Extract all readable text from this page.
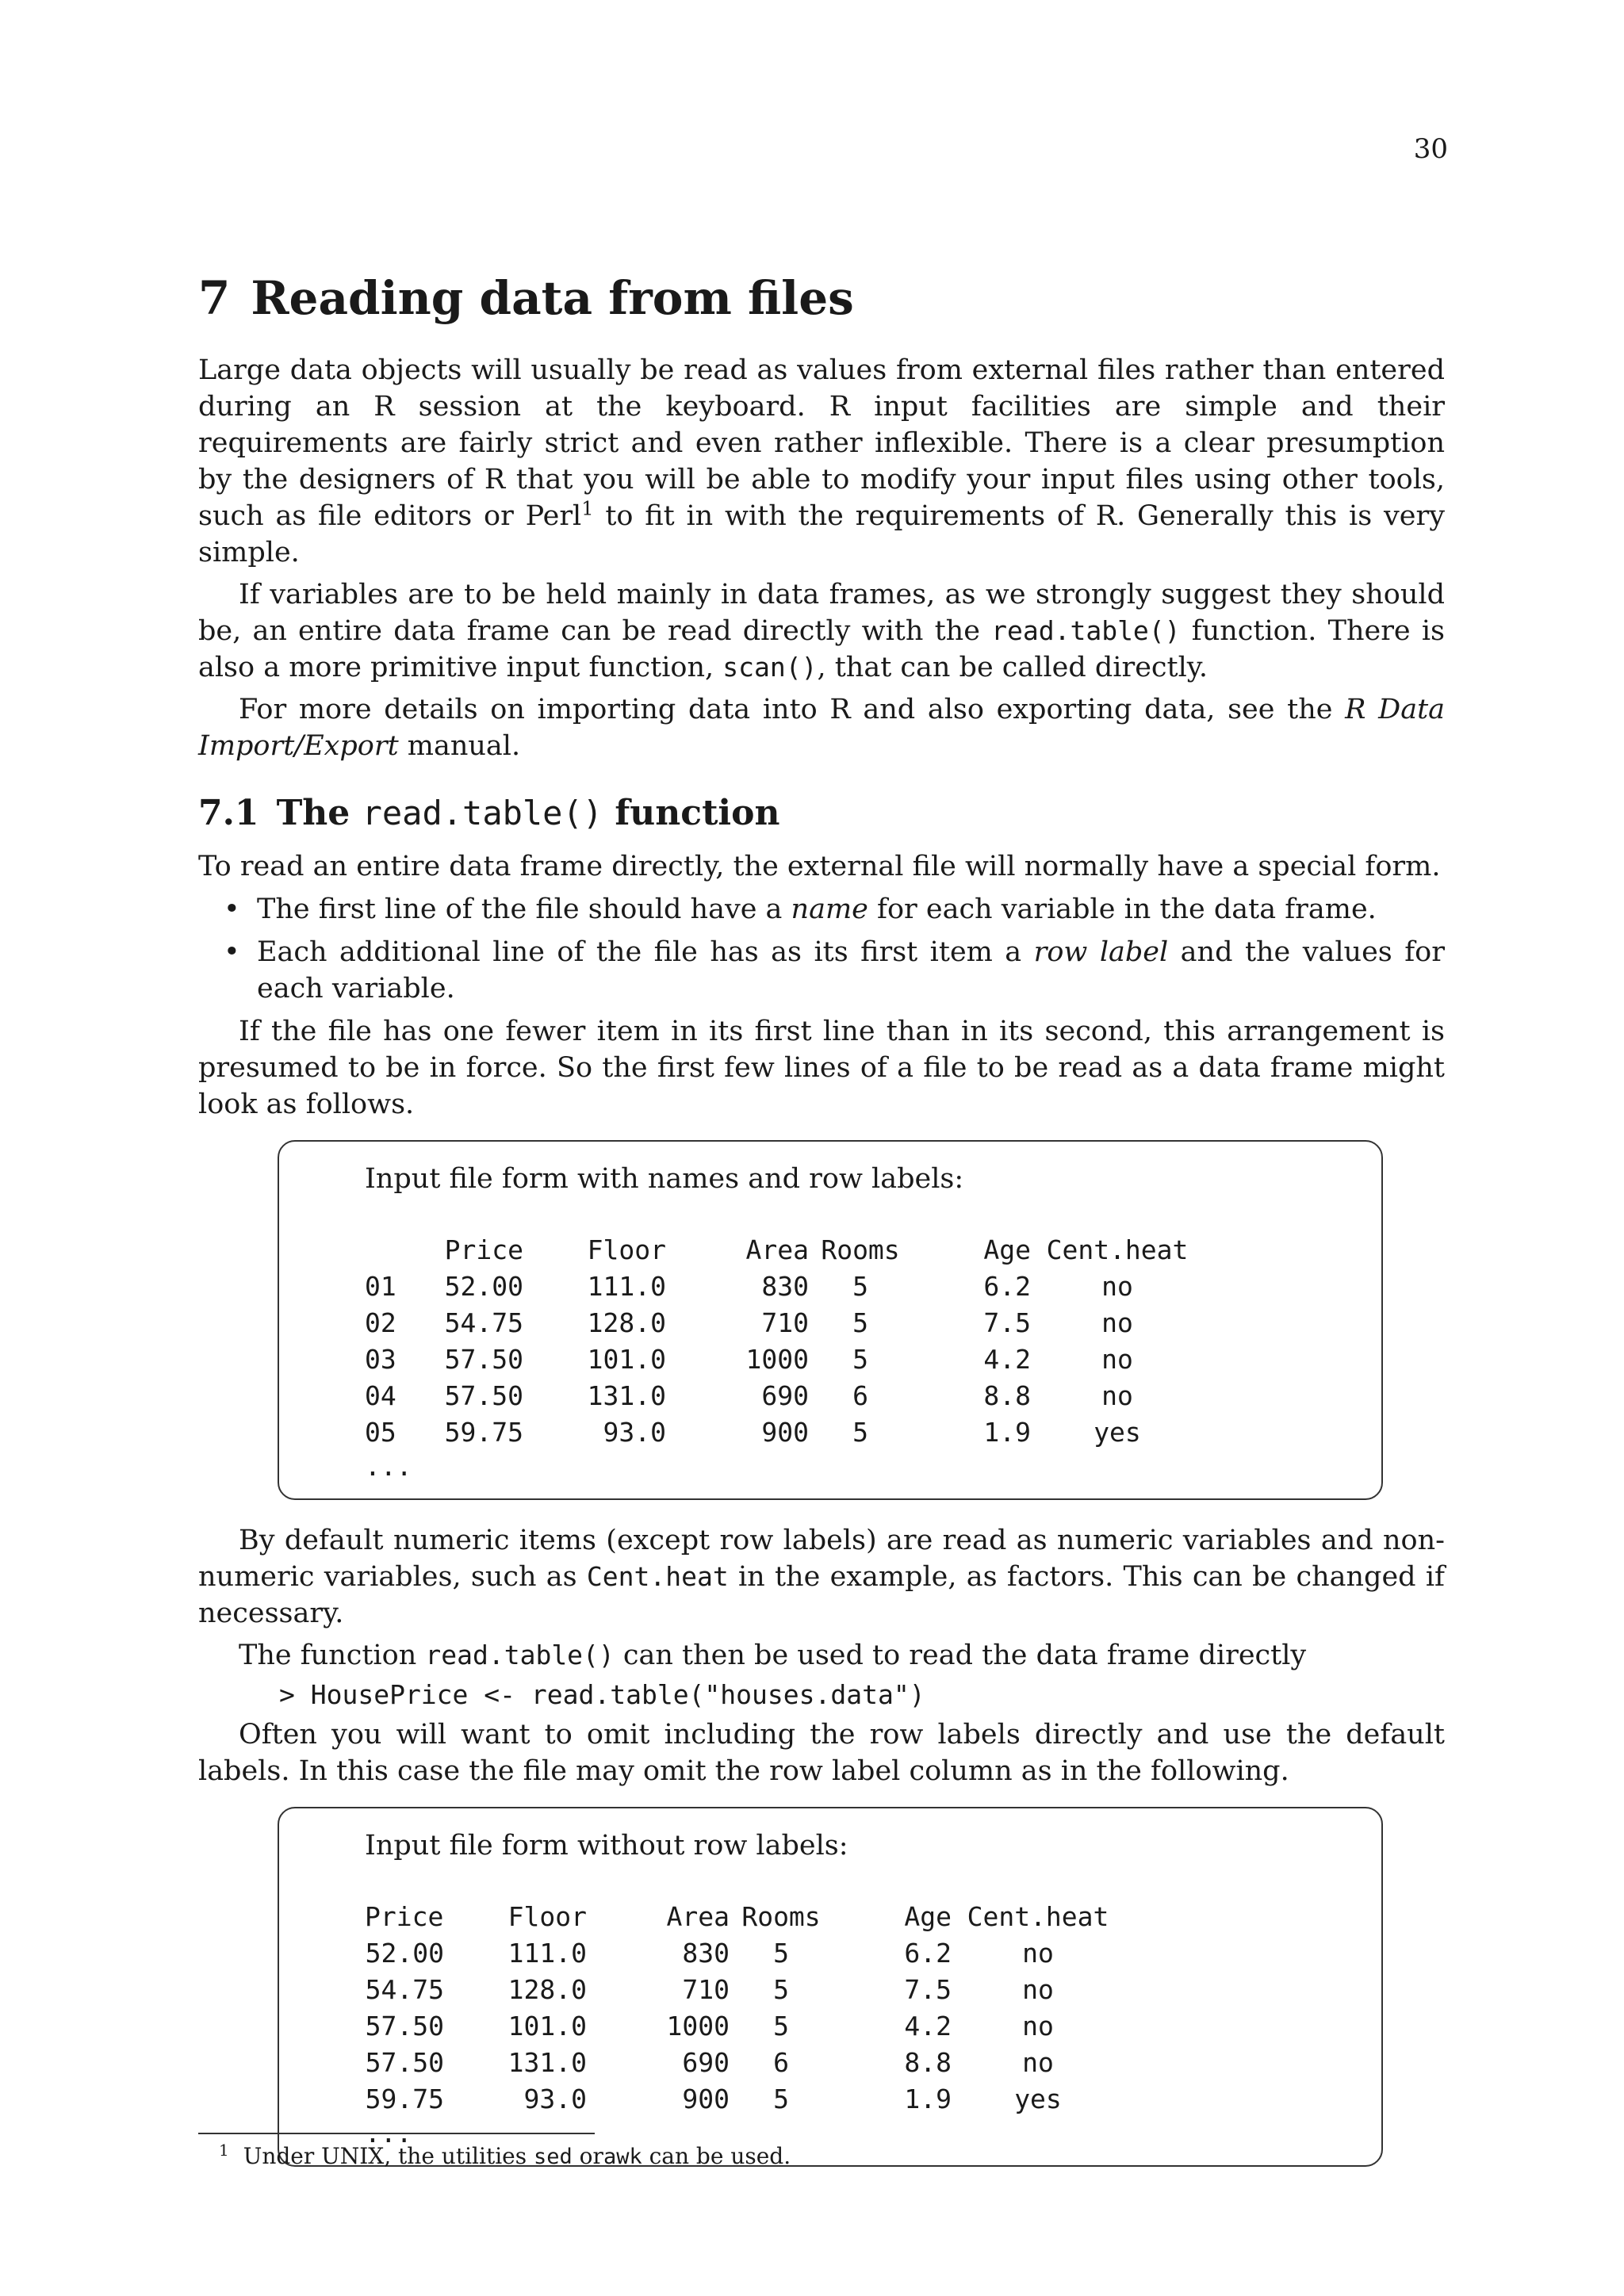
30
7 Reading data from files

Large data objects will usually be read as values from external files rather than entered during an R session at the keyboard. R input facilities are simple and their requirements are fairly strict and even rather inflexible. There is a clear presumption by the designers of R that you will be able to modify your input files using other tools, such as file editors or Perl$^1$ to fit in with the requirements of R. Generally this is very simple.

If variables are to be held mainly in data frames, as we strongly suggest they should be, an entire data frame can be read directly with the read.table() function. There is also a more primitive input function, scan(), that can be called directly.

For more details on importing data into R and also exporting data, see the R Data Import/Export manual.

7.1 The read.table() function

To read an entire data frame directly, the external file will normally have a special form.

• The first line of the file should have a name for each variable in the data frame.
• Each additional line of the file has as its first item a row label and the values for each variable.

If the file has one fewer item in its first line than in its second, this arrangement is presumed to be in force. So the first few lines of a file to be read as a data frame might look as follows.

Input file form with names and row labels:
	Price	Floor	Area	Rooms	Age	Cent.heat
01	52.00	111.0	830	5	6.2	no
02	54.75	128.0	710	5	7.5	no
03	57.50	101.0	1000	5	4.2	no
04	57.50	131.0	690	6	8.8	no
05	59.75	93.0	900	5	1.9	yes
...

By default numeric items (except row labels) are read as numeric variables and non-numeric variables, such as Cent.heat in the example, as factors. This can be changed if necessary.

The function read.table() can then be used to read the data frame directly

> HousePrice <- read.table("houses.data")

Often you will want to omit including the row labels directly and use the default labels. In this case the file may omit the row label column as in the following.

Input file form without row labels:
Price	Floor	Area	Rooms	Age	Cent.heat
52.00	111.0	830	5	6.2	no
54.75	128.0	710	5	7.5	no
57.50	101.0	1000	5	4.2	no
57.50	131.0	690	6	8.8	no
59.75	93.0	900	5	1.9	yes
...
$^1$ Under UNIX, the utilities sed orawk can be used.
